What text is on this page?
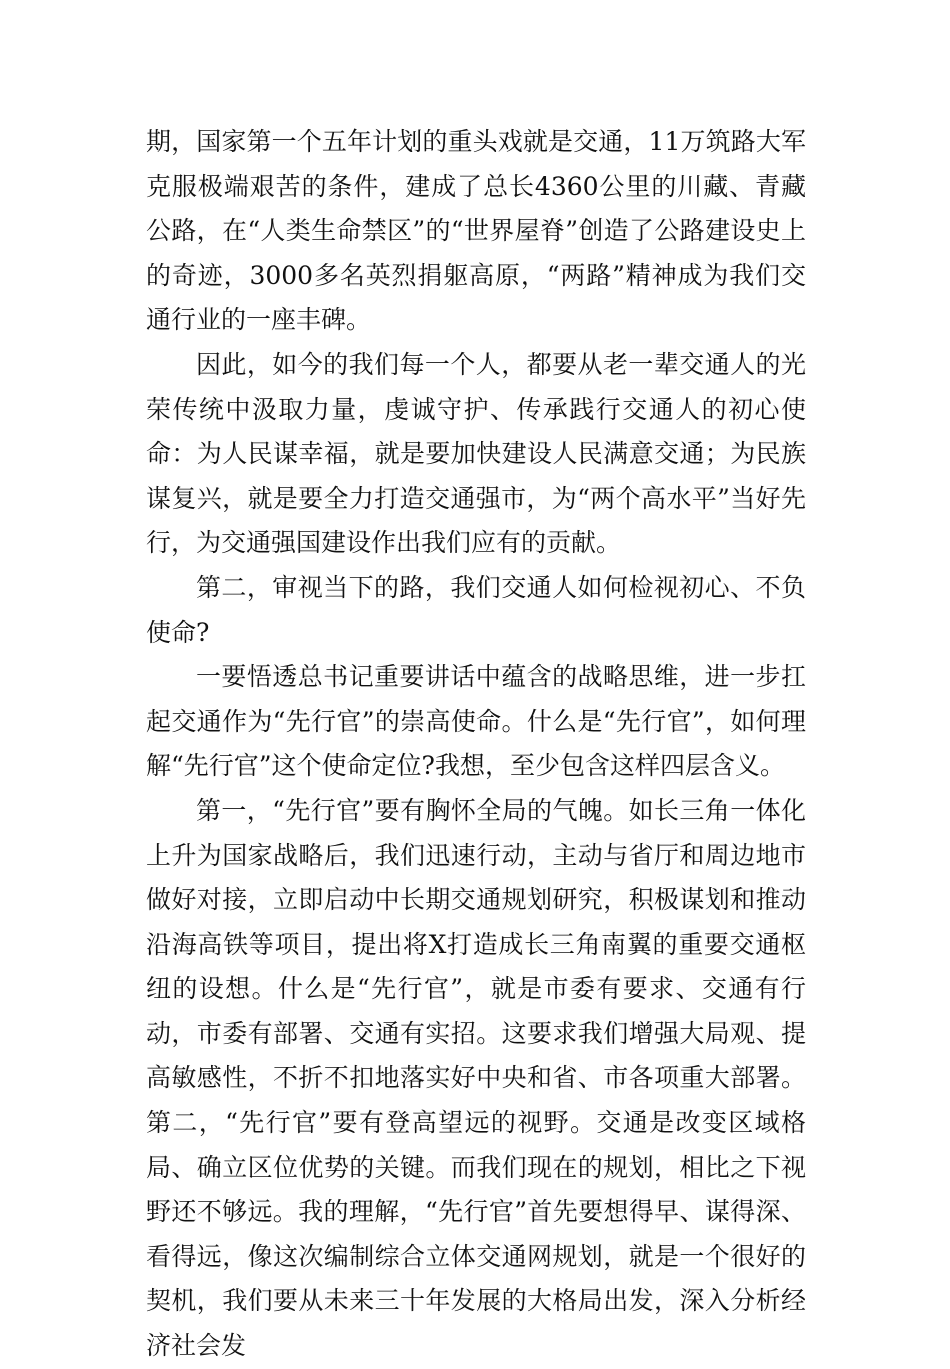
期，国家第一个五年计划的重头戏就是交通，11万筑路大军克服极端艰苦的条件，建成了总长4360公里的川藏、青藏公路，在“人类生命禁区”的“世界屋脊”创造了公路建设史上的奇迹，3000多名英烈捐躯高原，“两路”精神成为我们交通行业的一座丰碑。

因此，如今的我们每一个人，都要从老一辈交通人的光荣传统中汲取力量，虔诚守护、传承践行交通人的初心使命：为人民谋幸福，就是要加快建设人民满意交通；为民族谋复兴，就是要全力打造交通强市，为“两个高水平”当好先行，为交通强国建设作出我们应有的贡献。

第二，审视当下的路，我们交通人如何检视初心、不负使命?

一要悟透总书记重要讲话中蕴含的战略思维，进一步扛起交通作为“先行官”的崇高使命。什么是“先行官”，如何理解“先行官”这个使命定位?我想，至少包含这样四层含义。

第一，“先行官”要有胸怀全局的气魄。如长三角一体化上升为国家战略后，我们迅速行动，主动与省厅和周边地市做好对接，立即启动中长期交通规划研究，积极谋划和推动沿海高铁等项目，提出将X打造成长三角南翼的重要交通枢纽的设想。什么是“先行官”，就是市委有要求、交通有行动，市委有部署、交通有实招。这要求我们增强大局观、提高敏感性，不折不扣地落实好中央和省、市各项重大部署。第二，“先行官”要有登高望远的视野。交通是改变区域格局、确立区位优势的关键。而我们现在的规划，相比之下视野还不够远。我的理解，“先行官”首先要想得早、谋得深、看得远，像这次编制综合立体交通网规划，就是一个很好的契机，我们要从未来三十年发展的大格局出发，深入分析经济社会发
